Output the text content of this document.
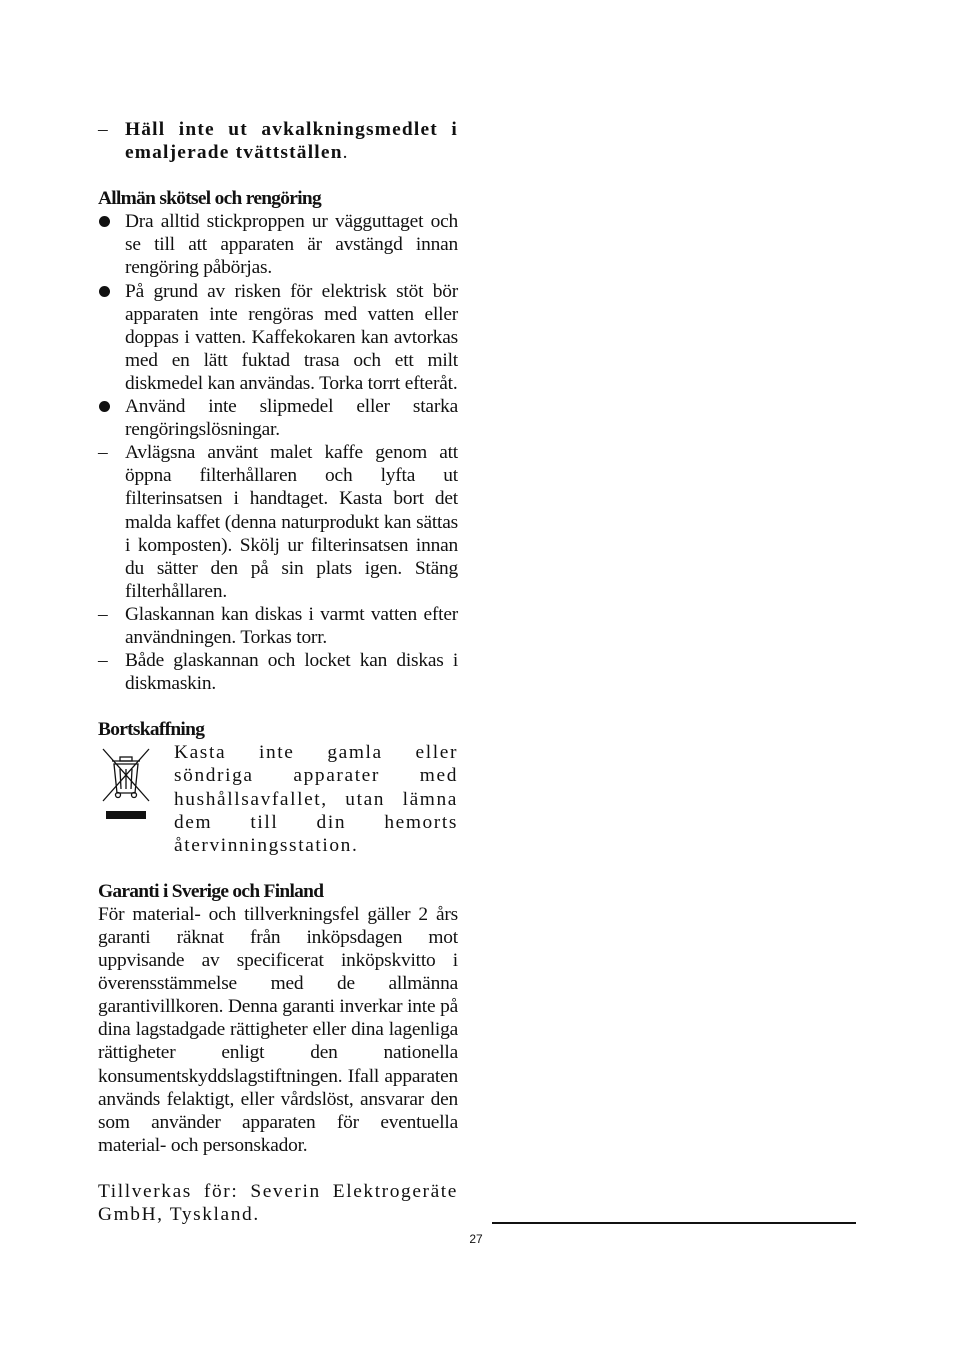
– Häll inte ut avkalkningsmedlet i emaljerade tvättställen.
Allmän skötsel och rengöring
Dra alltid stickproppen ur vägguttaget och se till att apparaten är avstängd innan rengöring påbörjas.
På grund av risken för elektrisk stöt bör apparaten inte rengöras med vatten eller doppas i vatten. Kaffekokaren kan avtorkas med en lätt fuktad trasa och ett milt diskmedel kan användas. Torka torrt efteråt.
Använd inte slipmedel eller starka rengöringslösningar.
– Avlägsna använt malet kaffe genom att öppna filterhållaren och lyfta ut filterinsatsen i handtaget. Kasta bort det malda kaffet (denna naturprodukt kan sättas i komposten). Skölj ur filterinsatsen innan du sätter den på sin plats igen. Stäng filterhållaren.
– Glaskannan kan diskas i varmt vatten efter användningen. Torkas torr.
– Både glaskannan och locket kan diskas i diskmaskin.
Bortskaffning
Kasta inte gamla eller söndriga apparater med hushållsavfallet, utan lämna dem till din hemorts återvinningsstation.
Garanti i Sverige och Finland

För material- och tillverkningsfel gäller 2 års garanti räknat från inköpsdagen mot uppvisande av specificerat inköpskvitto i överensstämmelse med de allmänna garantivillkoren. Denna garanti inverkar inte på dina lagstadgade rättigheter eller dina lagenliga rättigheter enligt den nationella konsumentskyddslagstiftningen. Ifall apparaten används felaktigt, eller vårdslöst, ansvarar den som använder apparaten för eventuella material- och personskador.

Tillverkas för: Severin Elektrogeräte GmbH, Tyskland.

27
